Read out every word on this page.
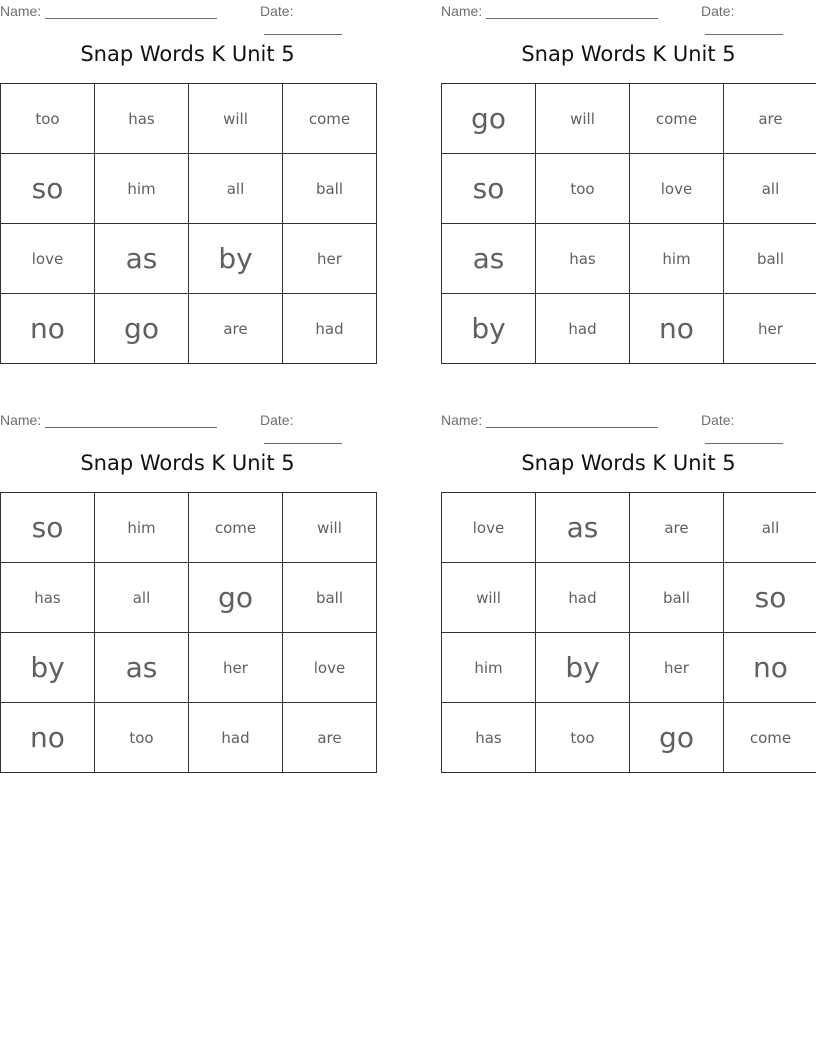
Name:	Date:
Snap Words K Unit 5
too	has	will	come
so	him	all	ball
love	as	by	her
no	go	are	had
Name:	Date:
Snap Words K Unit 5
go	will	come	are
so	too	love	all
as	has	him	ball
by	had	no	her
Name:	Date:
Snap Words K Unit 5
so	him	come	will
has	all	go	ball
by	as	her	love
no	too	had	are
Name:	Date:
Snap Words K Unit 5
love	as	are	all
will	had	ball	so
him	by	her	no
has	too	go	come
